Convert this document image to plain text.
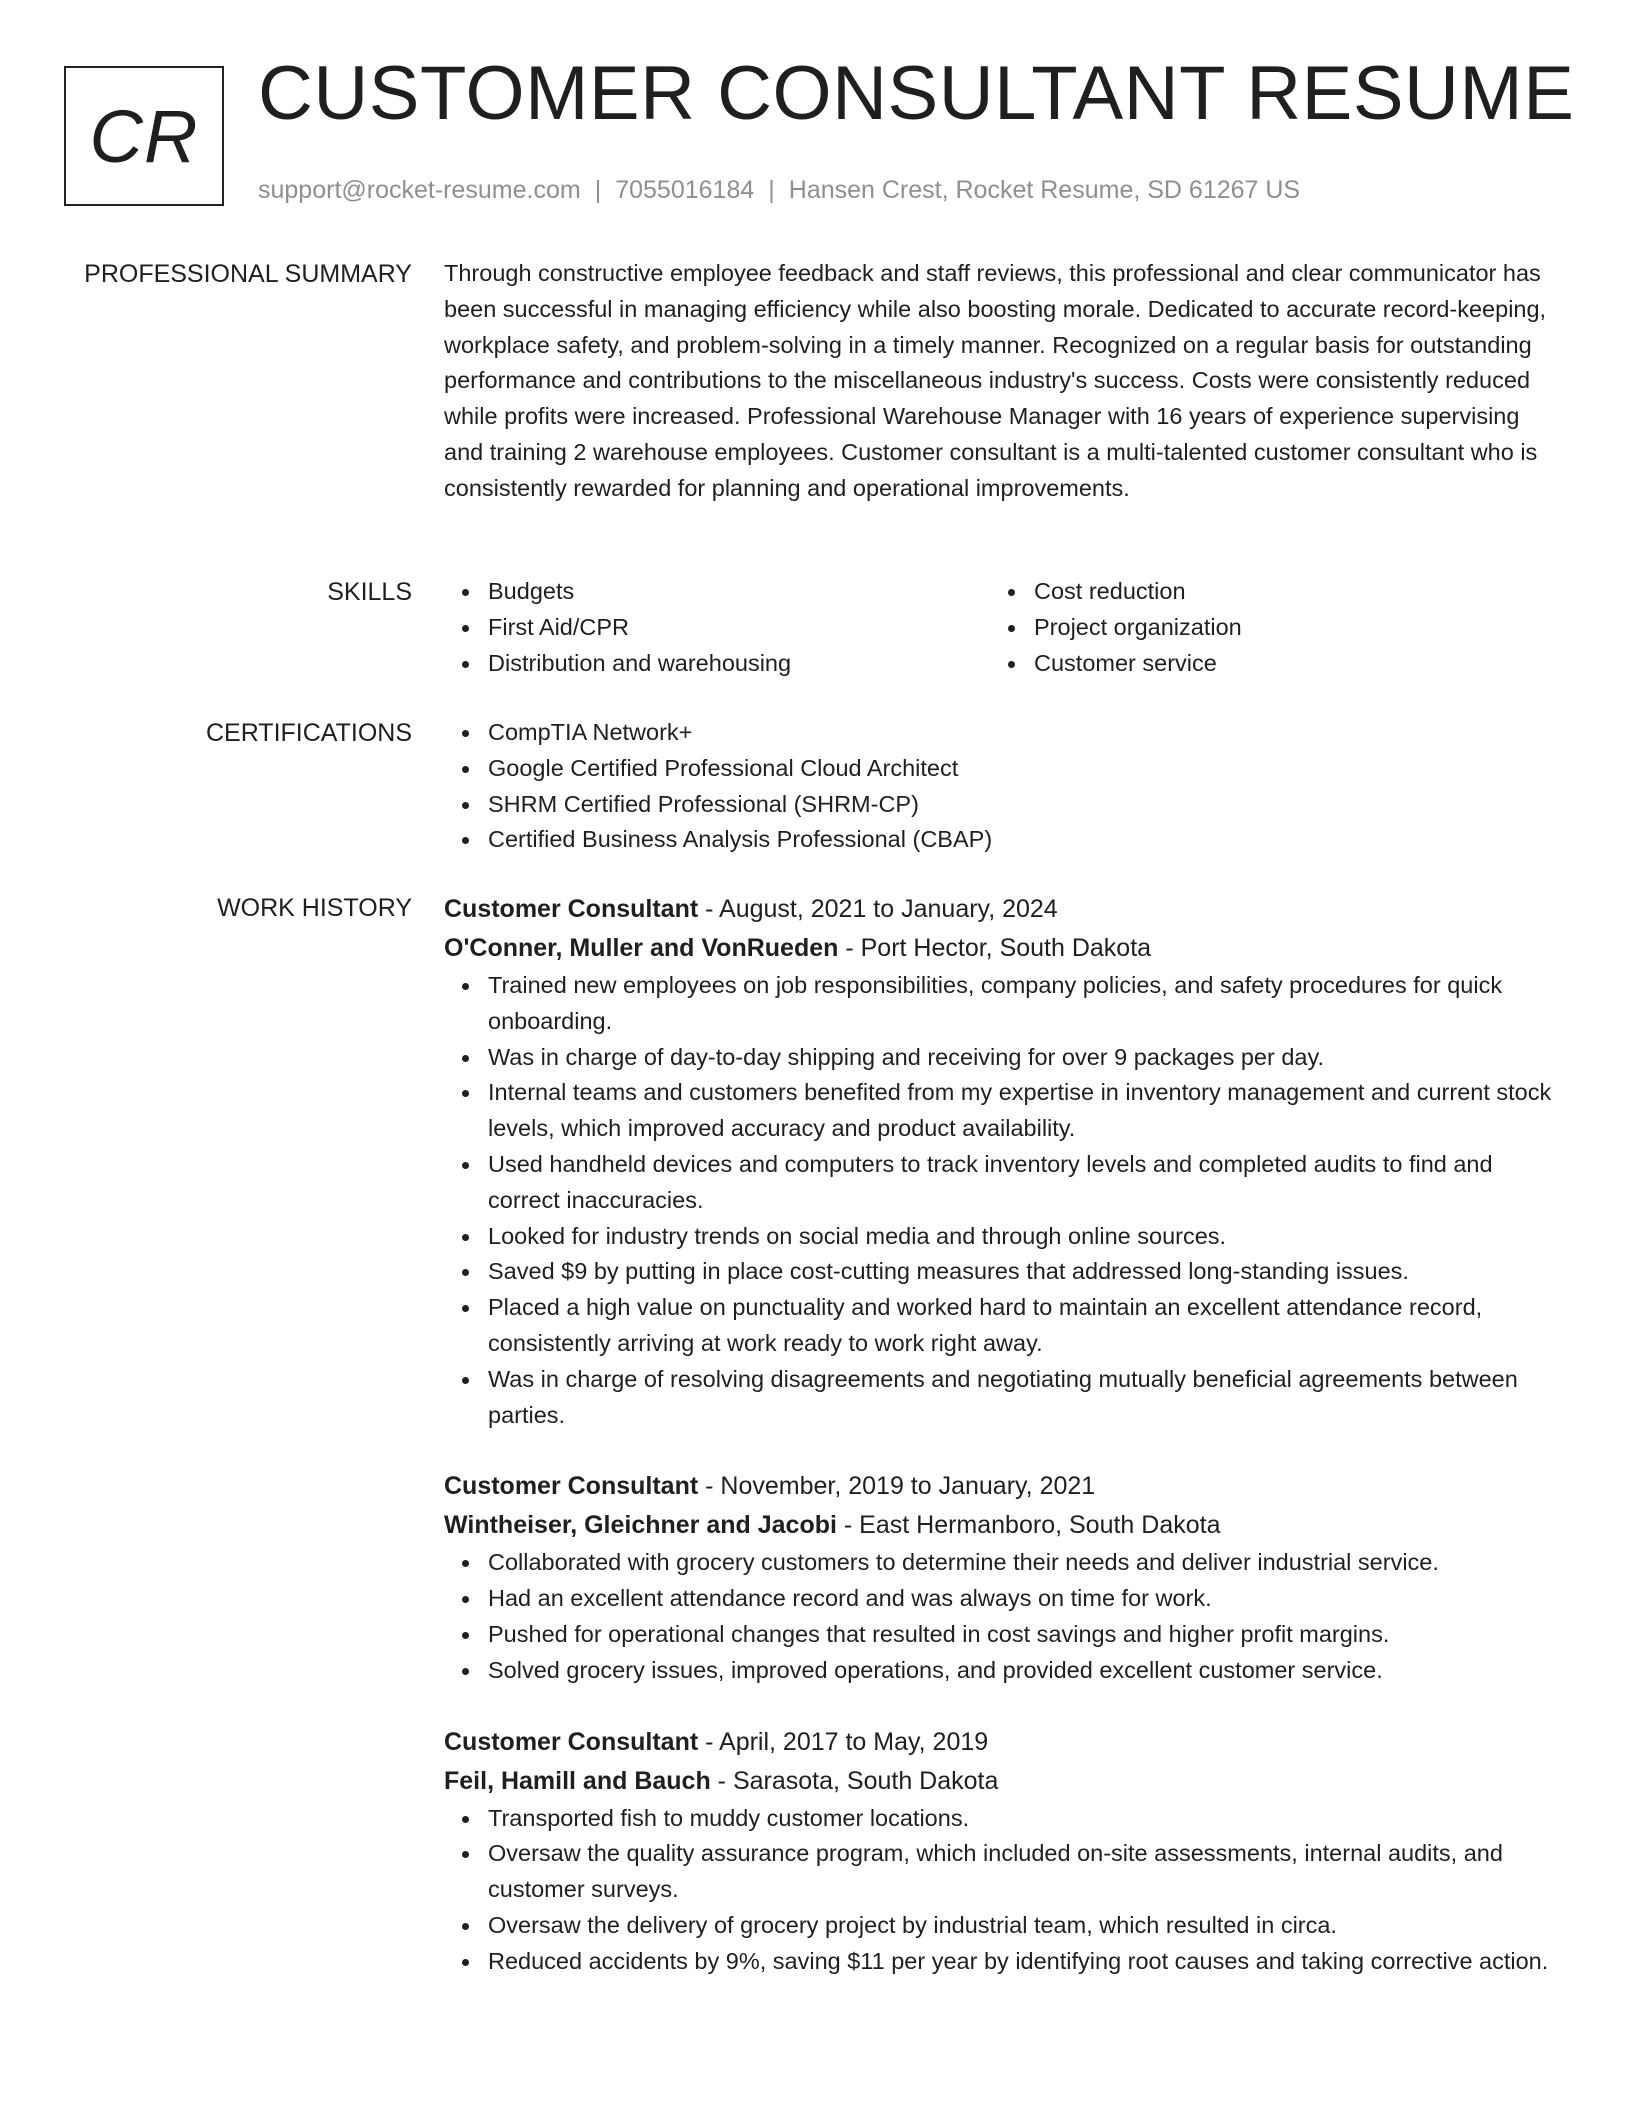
CR CUSTOMER CONSULTANT RESUME
support@rocket-resume.com | 7055016184 | Hansen Crest, Rocket Resume, SD 61267 US
PROFESSIONAL SUMMARY Through constructive employee feedback and staff reviews, this professional and clear communicator has been successful in managing efficiency while also boosting morale. Dedicated to accurate record-keeping, workplace safety, and problem-solving in a timely manner. Recognized on a regular basis for outstanding performance and contributions to the miscellaneous industry's success. Costs were consistently reduced while profits were increased. Professional Warehouse Manager with 16 years of experience supervising and training 2 warehouse employees. Customer consultant is a multi-talented customer consultant who is consistently rewarded for planning and operational improvements.

SKILLS	Budgets
First Aid/CPR
Distribution and warehousing
Cost reduction
Project organization
Customer service
CERTIFICATIONS	CompTIA Network+
Google Certified Professional Cloud Architect
SHRM Certified Professional (SHRM-CP)
Certified Business Analysis Professional (CBAP)
WORK HISTORY Customer Consultant - August, 2021 to January, 2024
O'Conner, Muller and VonRueden - Port Hector, South Dakota
Trained new employees on job responsibilities, company policies, and safety procedures for quick onboarding.
Was in charge of day-to-day shipping and receiving for over 9 packages per day.
Internal teams and customers benefited from my expertise in inventory management and current stock levels, which improved accuracy and product availability.
Used handheld devices and computers to track inventory levels and completed audits to find and correct inaccuracies.
Looked for industry trends on social media and through online sources.
Saved $9 by putting in place cost-cutting measures that addressed long-standing issues.
Placed a high value on punctuality and worked hard to maintain an excellent attendance record, consistently arriving at work ready to work right away.
Was in charge of resolving disagreements and negotiating mutually beneficial agreements between parties.
Customer Consultant - November, 2019 to January, 2021
Wintheiser, Gleichner and Jacobi - East Hermanboro, South Dakota
Collaborated with grocery customers to determine their needs and deliver industrial service.
Had an excellent attendance record and was always on time for work.
Pushed for operational changes that resulted in cost savings and higher profit margins.
Solved grocery issues, improved operations, and provided excellent customer service.
Customer Consultant - April, 2017 to May, 2019
Feil, Hamill and Bauch - Sarasota, South Dakota
Transported fish to muddy customer locations.
Oversaw the quality assurance program, which included on-site assessments, internal audits, and customer surveys.
Oversaw the delivery of grocery project by industrial team, which resulted in circa.
Reduced accidents by 9%, saving $11 per year by identifying root causes and taking corrective action.
